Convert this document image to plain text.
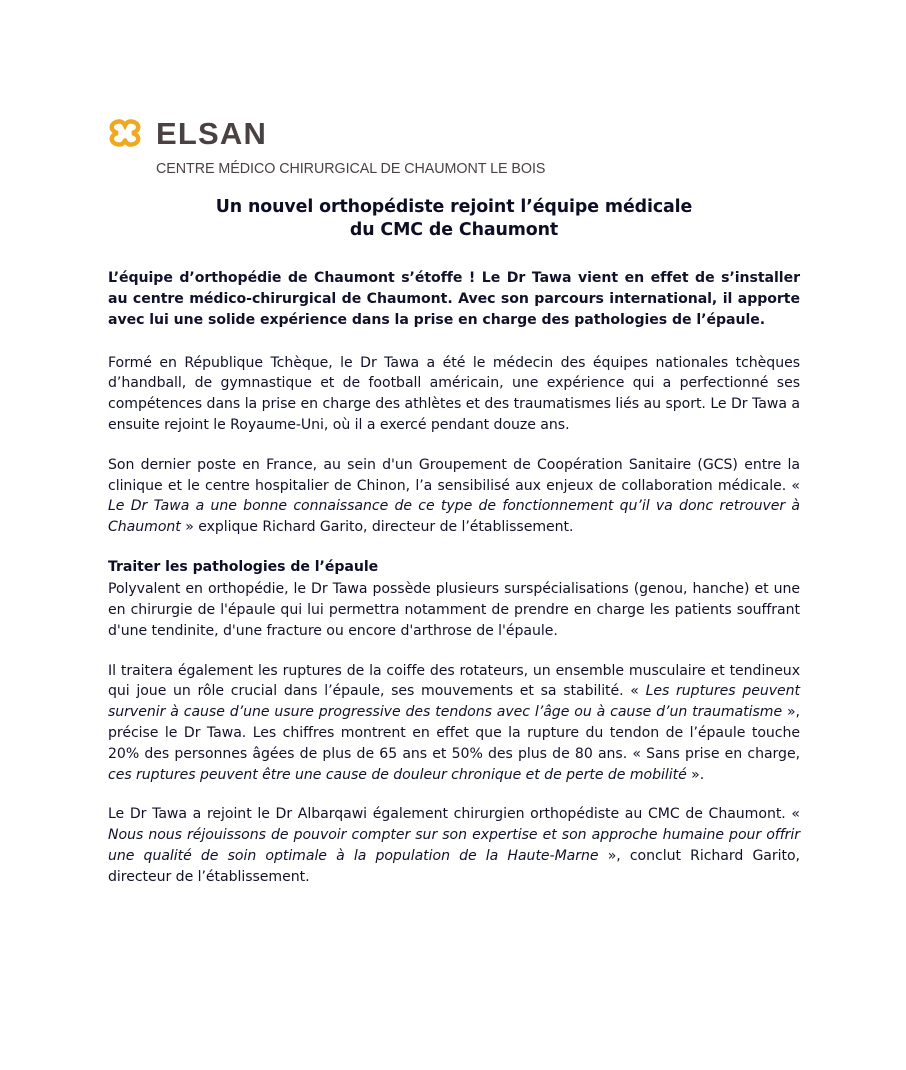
ELSAN
CENTRE MÉDICO CHIRURGICAL DE CHAUMONT LE BOIS
Un nouvel orthopédiste rejoint l’équipe médicale
du CMC de Chaumont

L’équipe d’orthopédie de Chaumont s’étoffe ! Le Dr Tawa vient en effet de s’installer au centre médico-chirurgical de Chaumont. Avec son parcours international, il apporte avec lui une solide expérience dans la prise en charge des pathologies de l’épaule.

Formé en République Tchèque, le Dr Tawa a été le médecin des équipes nationales tchèques d’handball, de gymnastique et de football américain, une expérience qui a perfectionné ses compétences dans la prise en charge des athlètes et des traumatismes liés au sport. Le Dr Tawa a ensuite rejoint le Royaume-Uni, où il a exercé pendant douze ans.

Son dernier poste en France, au sein d'un Groupement de Coopération Sanitaire (GCS) entre la clinique et le centre hospitalier de Chinon, l’a sensibilisé aux enjeux de collaboration médicale. « Le Dr Tawa a une bonne connaissance de ce type de fonctionnement qu’il va donc retrouver à Chaumont » explique Richard Garito, directeur de l’établissement.

Traiter les pathologies de l’épaule

Polyvalent en orthopédie, le Dr Tawa possède plusieurs surspécialisations (genou, hanche) et une en chirurgie de l'épaule qui lui permettra notamment de prendre en charge les patients souffrant d'une tendinite, d'une fracture ou encore d'arthrose de l'épaule.

Il traitera également les ruptures de la coiffe des rotateurs, un ensemble musculaire et tendineux qui joue un rôle crucial dans l’épaule, ses mouvements et sa stabilité. « Les ruptures peuvent survenir à cause d’une usure progressive des tendons avec l’âge ou à cause d’un traumatisme », précise le Dr Tawa. Les chiffres montrent en effet que la rupture du tendon de l’épaule touche 20% des personnes âgées de plus de 65 ans et 50% des plus de 80 ans. « Sans prise en charge, ces ruptures peuvent être une cause de douleur chronique et de perte de mobilité ».

Le Dr Tawa a rejoint le Dr Albarqawi également chirurgien orthopédiste au CMC de Chaumont. « Nous nous réjouissons de pouvoir compter sur son expertise et son approche humaine pour offrir une qualité de soin optimale à la population de la Haute-Marne », conclut Richard Garito, directeur de l’établissement.
